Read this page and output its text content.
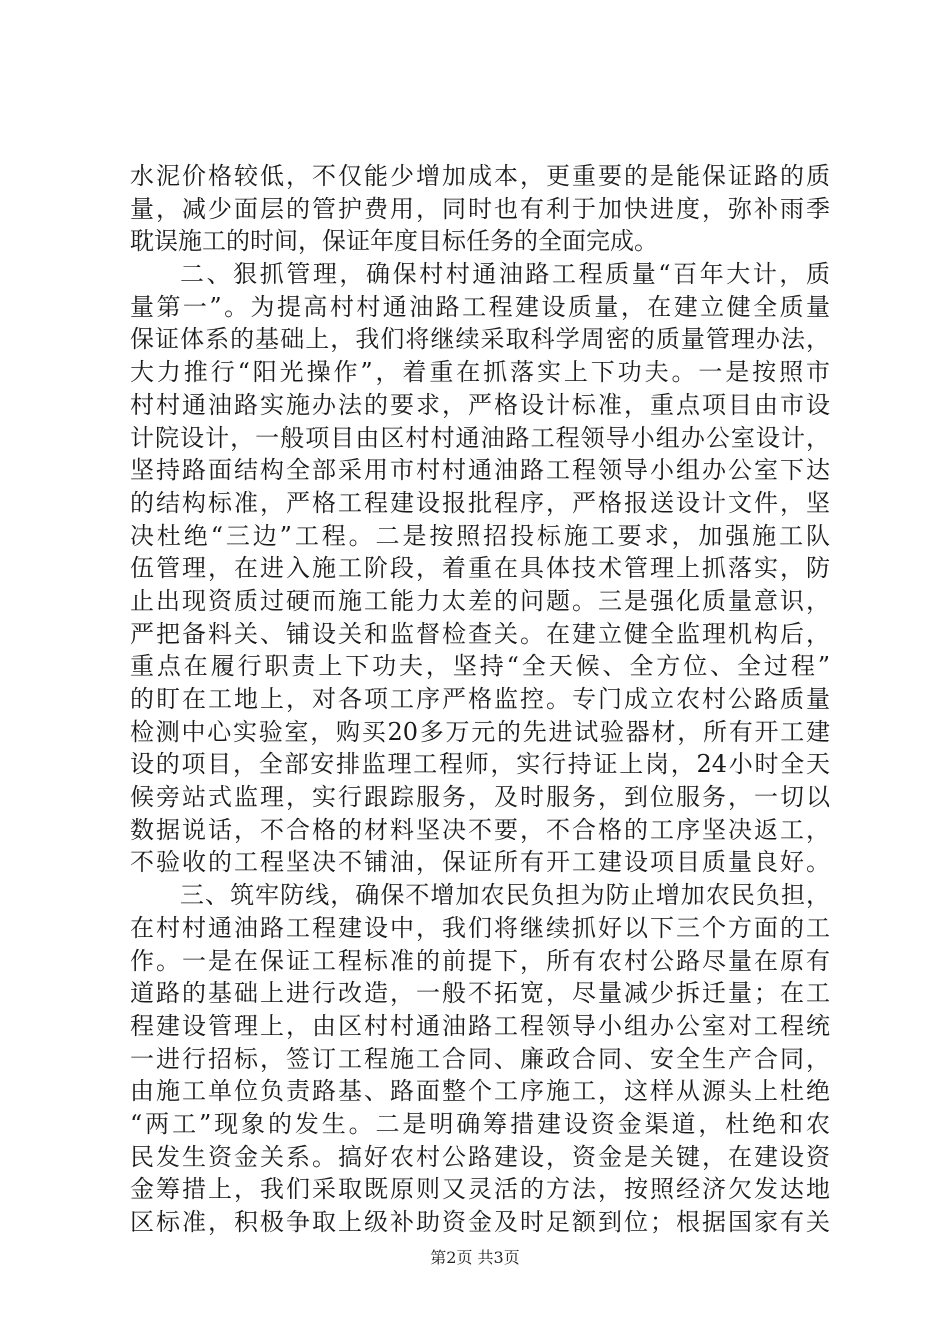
水泥价格较低，不仅能少增加成本，更重要的是能保证路的质
量，减少面层的管护费用，同时也有利于加快进度，弥补雨季
耽误施工的时间，保证年度目标任务的全面完成。
二、狠抓管理，确保村村通油路工程质量“百年大计，质
量第一”。为提高村村通油路工程建设质量，在建立健全质量
保证体系的基础上，我们将继续采取科学周密的质量管理办法，
大力推行“阳光操作”，着重在抓落实上下功夫。一是按照市
村村通油路实施办法的要求，严格设计标准，重点项目由市设
计院设计，一般项目由区村村通油路工程领导小组办公室设计，
坚持路面结构全部采用市村村通油路工程领导小组办公室下达
的结构标准，严格工程建设报批程序，严格报送设计文件，坚
决杜绝“三边”工程。二是按照招投标施工要求，加强施工队
伍管理，在进入施工阶段，着重在具体技术管理上抓落实，防
止出现资质过硬而施工能力太差的问题。三是强化质量意识，
严把备料关、铺设关和监督检查关。在建立健全监理机构后，
重点在履行职责上下功夫，坚持“全天候、全方位、全过程”
的盯在工地上，对各项工序严格监控。专门成立农村公路质量
检测中心实验室，购买20多万元的先进试验器材，所有开工建
设的项目，全部安排监理工程师，实行持证上岗，24小时全天
候旁站式监理，实行跟踪服务，及时服务，到位服务，一切以
数据说话，不合格的材料坚决不要，不合格的工序坚决返工，
不验收的工程坚决不铺油，保证所有开工建设项目质量良好。
三、筑牢防线，确保不增加农民负担为防止增加农民负担，
在村村通油路工程建设中，我们将继续抓好以下三个方面的工
作。一是在保证工程标准的前提下，所有农村公路尽量在原有
道路的基础上进行改造，一般不拓宽，尽量减少拆迁量；在工
程建设管理上，由区村村通油路工程领导小组办公室对工程统
一进行招标，签订工程施工合同、廉政合同、安全生产合同，
由施工单位负责路基、路面整个工序施工，这样从源头上杜绝
“两工”现象的发生。二是明确筹措建设资金渠道，杜绝和农
民发生资金关系。搞好农村公路建设，资金是关键，在建设资
金筹措上，我们采取既原则又灵活的方法，按照经济欠发达地
区标准，积极争取上级补助资金及时足额到位；根据国家有关
第2页 共3页
